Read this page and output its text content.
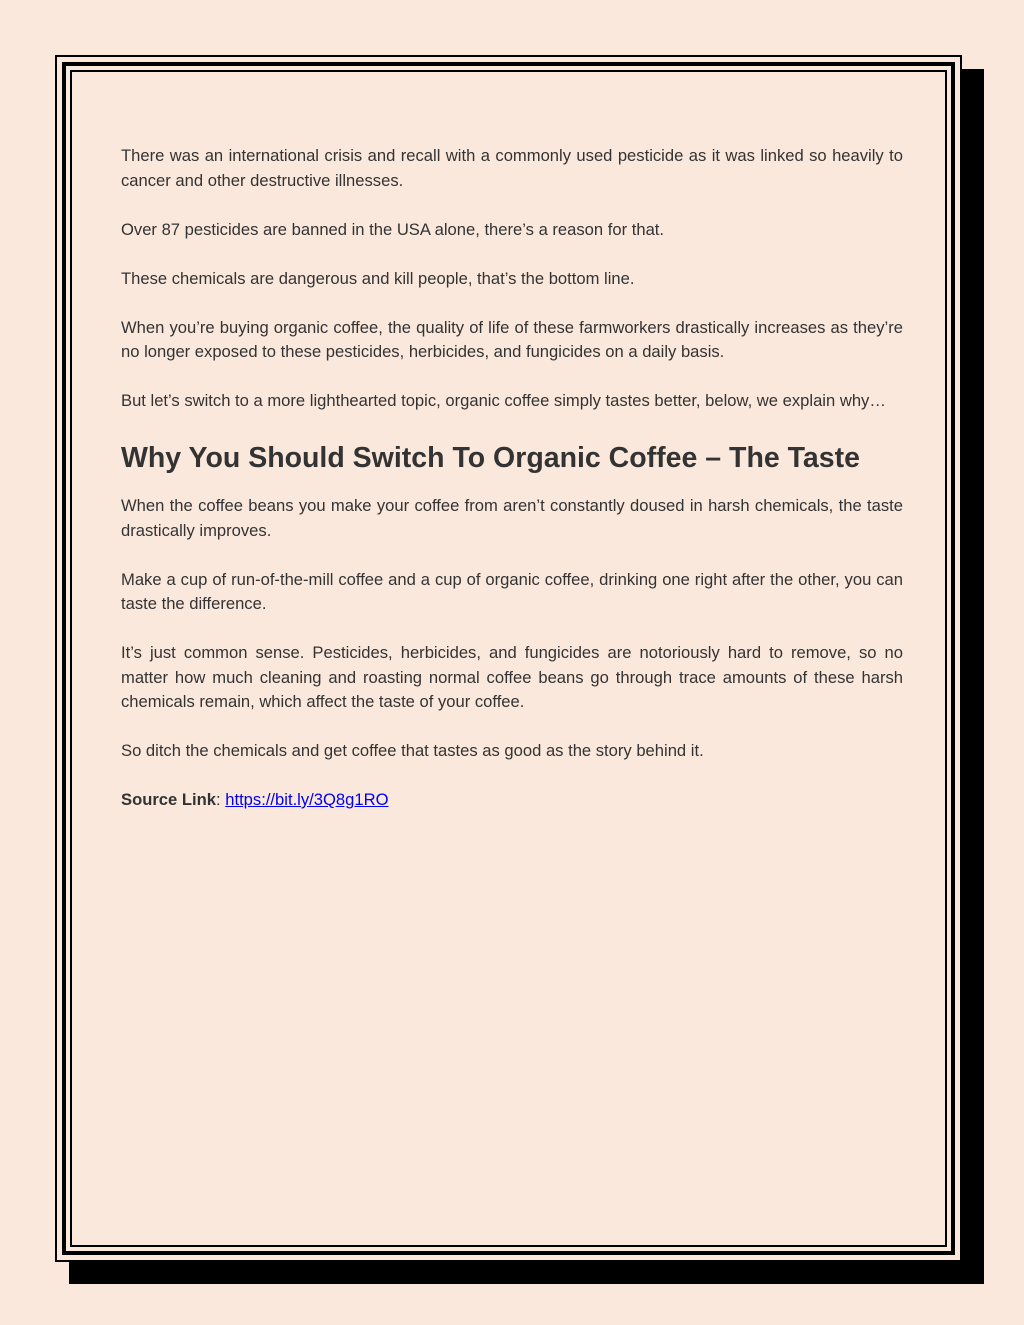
There was an international crisis and recall with a commonly used pesticide as it was linked so heavily to cancer and other destructive illnesses.

Over 87 pesticides are banned in the USA alone, there’s a reason for that.

These chemicals are dangerous and kill people, that’s the bottom line.

When you’re buying organic coffee, the quality of life of these farmworkers drastically increases as they’re no longer exposed to these pesticides, herbicides, and fungicides on a daily basis.

But let’s switch to a more lighthearted topic, organic coffee simply tastes better, below, we explain why…

Why You Should Switch To Organic Coffee – The Taste

When the coffee beans you make your coffee from aren’t constantly doused in harsh chemicals, the taste drastically improves.

Make a cup of run-of-the-mill coffee and a cup of organic coffee, drinking one right after the other, you can taste the difference.

It’s just common sense. Pesticides, herbicides, and fungicides are notoriously hard to remove, so no matter how much cleaning and roasting normal coffee beans go through trace amounts of these harsh chemicals remain, which affect the taste of your coffee.

So ditch the chemicals and get coffee that tastes as good as the story behind it.

Source Link: https://bit.ly/3Q8g1RO
